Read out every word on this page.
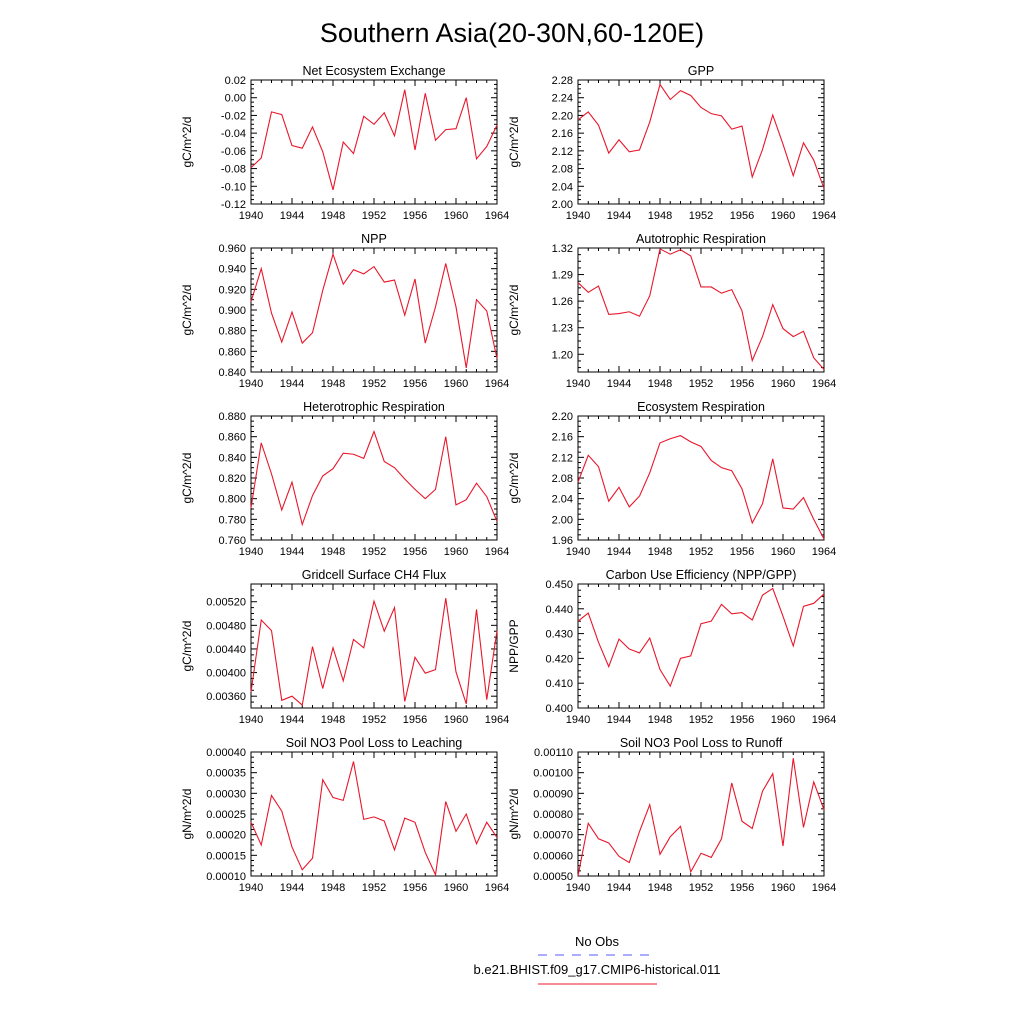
Southern Asia(20-30N,60-120E)
Net Ecosystem Exchange
gC/m^2/d
1940 1944 1948 1952 1956 1960 1964
-0.12
-0.10
-0.08
-0.06
-0.04
-0.02
0.00
0.02
GPP
gC/m^2/d
1940 1944 1948 1952 1956 1960 1964
2.00
2.04
2.08
2.12
2.16
2.20
2.24
2.28
NPP
gC/m^2/d
1940 1944 1948 1952 1956 1960 1964
0.840
0.860
0.880
0.900
0.920
0.940
0.960
Autotrophic Respiration
gC/m^2/d
1940 1944 1948 1952 1956 1960 1964
1.20
1.23
1.26
1.29
1.32
Heterotrophic Respiration
gC/m^2/d
1940 1944 1948 1952 1956 1960 1964
0.760
0.780
0.800
0.820
0.840
0.860
0.880
Ecosystem Respiration
gC/m^2/d
1940 1944 1948 1952 1956 1960 1964
1.96
2.00
2.04
2.08
2.12
2.16
2.20
Gridcell Surface CH4 Flux
gC/m^2/d
1940 1944 1948 1952 1956 1960 1964
0.00360
0.00400
0.00440
0.00480
0.00520
Carbon Use Efficiency (NPP/GPP)
NPP/GPP
1940 1944 1948 1952 1956 1960 1964
0.400
0.410
0.420
0.430
0.440
0.450
Soil NO3 Pool Loss to Leaching
gN/m^2/d
1940 1944 1948 1952 1956 1960 1964
0.00010
0.00015
0.00020
0.00025
0.00030
0.00035
0.00040
Soil NO3 Pool Loss to Runoff
gN/m^2/d
1940 1944 1948 1952 1956 1960 1964
0.00050
0.00060
0.00070
0.00080
0.00090
0.00100
0.00110
No Obs
b.e21.BHIST.f09_g17.CMIP6-historical.011
